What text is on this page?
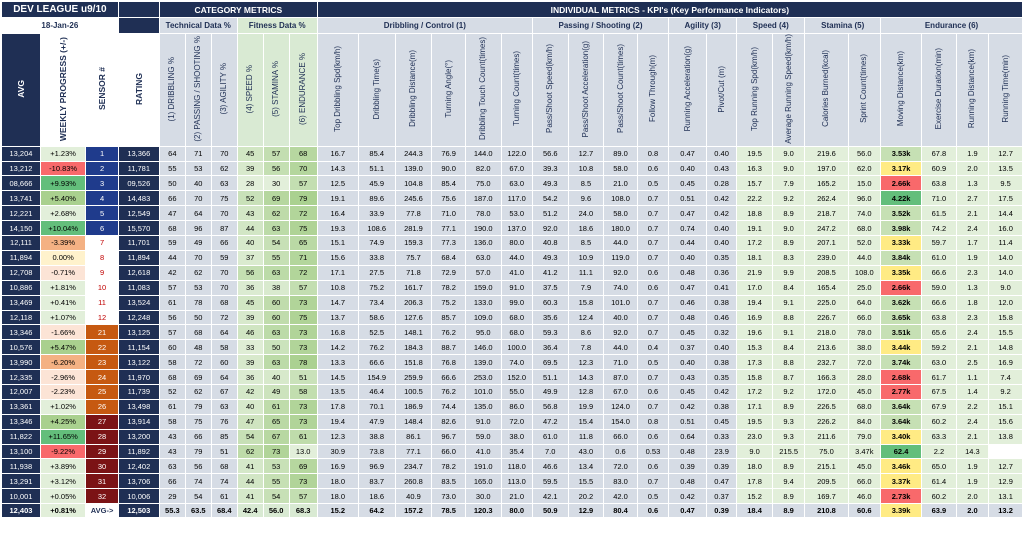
DEV LEAGUE u9/10				CATEGORY METRICS						INDIVIDUAL METRICS - KPI's (Key Performance Indicators)																			
18-Jan-26				Technical Data %			Fitness Data %			Dribbling / Control (1)						Passing / Shooting (2)				Agility (3)		Speed (4)		Stamina (5)		Endurance (6)			
AVG	WEEKLY PROGRESS (+/-)	SENSOR #	RATING	(1) DRIBBLING %	(2) PASSING / SHOOTING %	(3) AGILITY %	(4) SPEED %	(5) STAMINA %	(6) ENDURANCE %	Top Dribbling Spd(km/h)	Dribbling Time(s)	Dribbling Distance(m)	Turning Angle(°)	Dribbling Touch Count(times)	Turning Count(times)	Pass/Shoot Speed(km/h)	Pass/Shoot Acceleration(g)	Pass/Shoot Count(times)	Follow Through(m)	Running Acceleration(g)	Pivot/Cut (m)	Top Running Spd(km/h)	Average Running Speed(km/h)	Calories Burned(kcal)	Sprint Count(times)	Moving Distance(km)	Exercise Duration(min)	Running Distance(km)	Running Time(min)
13,204	+1.23%	1	13,366	64	71	70	45	57	68	16.7	85.4	244.3	76.9	144.0	122.0	56.6	12.7	89.0	0.8	0.47	0.40	19.5	9.0	219.6	56.0	3.53k	67.8	1.9	12.7
13,212	-10.83%	2	11,781	55	53	62	39	56	70	14.3	51.1	139.0	90.0	82.0	67.0	39.3	10.8	58.0	0.6	0.40	0.43	16.3	9.0	197.0	62.0	3.17k	60.9	2.0	13.5
08,666	+9.93%	3	09,526	50	40	63	28	30	57	12.5	45.9	104.8	85.4	75.0	63.0	49.3	8.5	21.0	0.5	0.45	0.28	15.7	7.9	165.2	15.0	2.66k	63.8	1.3	9.5
13,741	+5.40%	4	14,483	66	70	75	52	69	79	19.1	89.6	245.6	75.6	187.0	117.0	54.2	9.6	108.0	0.7	0.51	0.42	22.2	9.2	262.4	96.0	4.22k	71.0	2.7	17.5
12,221	+2.68%	5	12,549	47	64	70	43	62	72	16.4	33.9	77.8	71.0	78.0	53.0	51.2	24.0	58.0	0.7	0.47	0.42	18.8	8.9	218.7	74.0	3.52k	61.5	2.1	14.4
14,150	+10.04%	6	15,570	68	96	87	44	63	75	19.3	108.6	281.9	77.1	190.0	137.0	92.0	18.6	180.0	0.7	0.74	0.40	19.1	9.0	247.2	68.0	3.98k	74.2	2.4	16.0
12,111	-3.39%	7	11,701	59	49	66	40	54	65	15.1	74.9	159.3	77.3	136.0	80.0	40.8	8.5	44.0	0.7	0.44	0.40	17.2	8.9	207.1	52.0	3.33k	59.7	1.7	11.4
11,894	0.00%	8	11,894	44	70	59	37	55	71	15.6	33.8	75.7	68.4	63.0	44.0	49.3	10.9	119.0	0.7	0.40	0.35	18.1	8.3	239.0	44.0	3.84k	61.0	1.9	14.0
12,708	-0.71%	9	12,618	42	62	70	56	63	72	17.1	27.5	71.8	72.9	57.0	41.0	41.2	11.1	92.0	0.6	0.48	0.36	21.9	9.9	208.5	108.0	3.35k	66.6	2.3	14.0
10,886	+1.81%	10	11,083	57	53	70	36	38	57	10.8	75.2	161.7	78.2	159.0	91.0	37.5	7.9	74.0	0.6	0.47	0.41	17.0	8.4	165.4	25.0	2.66k	59.0	1.3	9.0
13,469	+0.41%	11	13,524	61	78	68	45	60	73	14.7	73.4	206.3	75.2	133.0	99.0	60.3	15.8	101.0	0.7	0.46	0.38	19.4	9.1	225.0	64.0	3.62k	66.6	1.8	12.0
12,118	+1.07%	12	12,248	56	50	72	39	60	75	13.7	58.6	127.6	85.7	109.0	68.0	35.6	12.4	40.0	0.7	0.48	0.46	16.9	8.8	226.7	66.0	3.65k	63.8	2.3	15.8
13,346	-1.66%	21	13,125	57	68	64	46	63	73	16.8	52.5	148.1	76.2	95.0	68.0	59.3	8.6	92.0	0.7	0.45	0.32	19.6	9.1	218.0	78.0	3.51k	65.6	2.4	15.5
10,576	+5.47%	22	11,154	60	48	58	33	50	73	14.2	76.2	184.3	88.7	146.0	100.0	36.4	7.8	44.0	0.4	0.37	0.40	15.3	8.4	213.6	38.0	3.44k	59.2	2.1	14.8
13,990	-6.20%	23	13,122	58	72	60	39	63	78	13.3	66.6	151.8	76.8	139.0	74.0	69.5	12.3	71.0	0.5	0.40	0.38	17.3	8.8	232.7	72.0	3.74k	63.0	2.5	16.9
12,335	-2.96%	24	11,970	68	69	64	36	40	51	14.5	154.9	259.9	66.6	253.0	152.0	51.1	14.3	87.0	0.7	0.43	0.35	15.8	8.7	166.3	28.0	2.68k	61.7	1.1	7.4
12,007	-2.23%	25	11,739	52	62	67	42	49	58	13.5	46.4	100.5	76.2	101.0	55.0	49.9	12.8	67.0	0.6	0.45	0.42	17.2	9.2	172.0	45.0	2.77k	67.5	1.4	9.2
13,361	+1.02%	26	13,498	61	79	63	40	61	73	17.8	70.1	186.9	74.4	135.0	86.0	56.8	19.9	124.0	0.7	0.42	0.38	17.1	8.9	226.5	68.0	3.64k	67.9	2.2	15.1
13,346	+4.25%	27	13,914	58	75	76	47	65	73	19.4	47.9	148.4	82.6	91.0	72.0	47.2	15.4	154.0	0.8	0.51	0.45	19.5	9.3	226.2	84.0	3.64k	60.2	2.4	15.6
11,822	+11.65%	28	13,200	43	66	85	54	67	61	12.3	38.8	86.1	96.7	59.0	38.0	61.0	11.8	66.0	0.6	0.64	0.33	23.0	9.3	211.6	79.0	3.40k	63.3	2.1	13.8
13,100	-9.22%	29	11,892	43	79	51	62	73	13.0	30.9	73.8	77.1	66.0	41.0	35.4	7.0	43.0	0.6	0.53	0.48	23.9	9.0	215.5	75.0	3.47k	62.4	2.2	14.3	
11,938	+3.89%	30	12,402	63	56	68	41	53	69	16.9	96.9	234.7	78.2	191.0	118.0	46.6	13.4	72.0	0.6	0.39	0.39	18.0	8.9	215.1	45.0	3.46k	65.0	1.9	12.7
13,291	+3.12%	31	13,706	66	74	74	44	55	73	18.0	83.7	260.8	83.5	165.0	113.0	59.5	15.5	83.0	0.7	0.48	0.47	17.8	9.4	209.5	66.0	3.37k	61.4	1.9	12.9
10,001	+0.05%	32	10,006	29	54	61	41	54	57	18.0	18.6	40.9	73.0	30.0	21.0	42.1	20.2	42.0	0.5	0.42	0.37	15.2	8.9	169.7	46.0	2.73k	60.2	2.0	13.1
12,403	+0.81%	AVG->	12,503	55.3	63.5	68.4	42.4	56.0	68.3	15.2	64.2	157.2	78.5	120.3	80.0	50.9	12.9	80.4	0.6	0.47	0.39	18.4	8.9	210.8	60.6	3.39k	63.9	2.0	13.2
